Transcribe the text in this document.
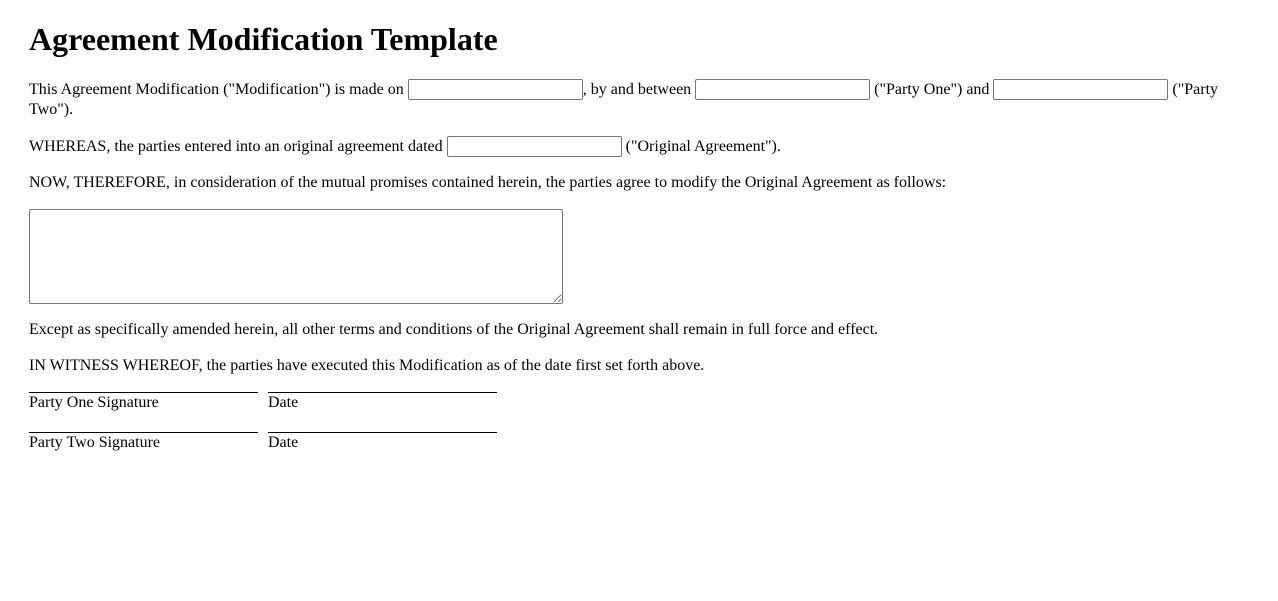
Agreement Modification Template

This Agreement Modification ("Modification") is made on	, by and between	("Party One") and	("Party Two").

WHEREAS, the parties entered into an original agreement dated	("Original Agreement").

NOW, THEREFORE, in consideration of the mutual promises contained herein, the parties agree to modify the Original Agreement as follows:

Except as specifically amended herein, all other terms and conditions of the Original Agreement shall remain in full force and effect.

IN WITNESS WHEREOF, the parties have executed this Modification as of the date first set forth above.

Party One Signature	Date
Party Two Signature	Date
